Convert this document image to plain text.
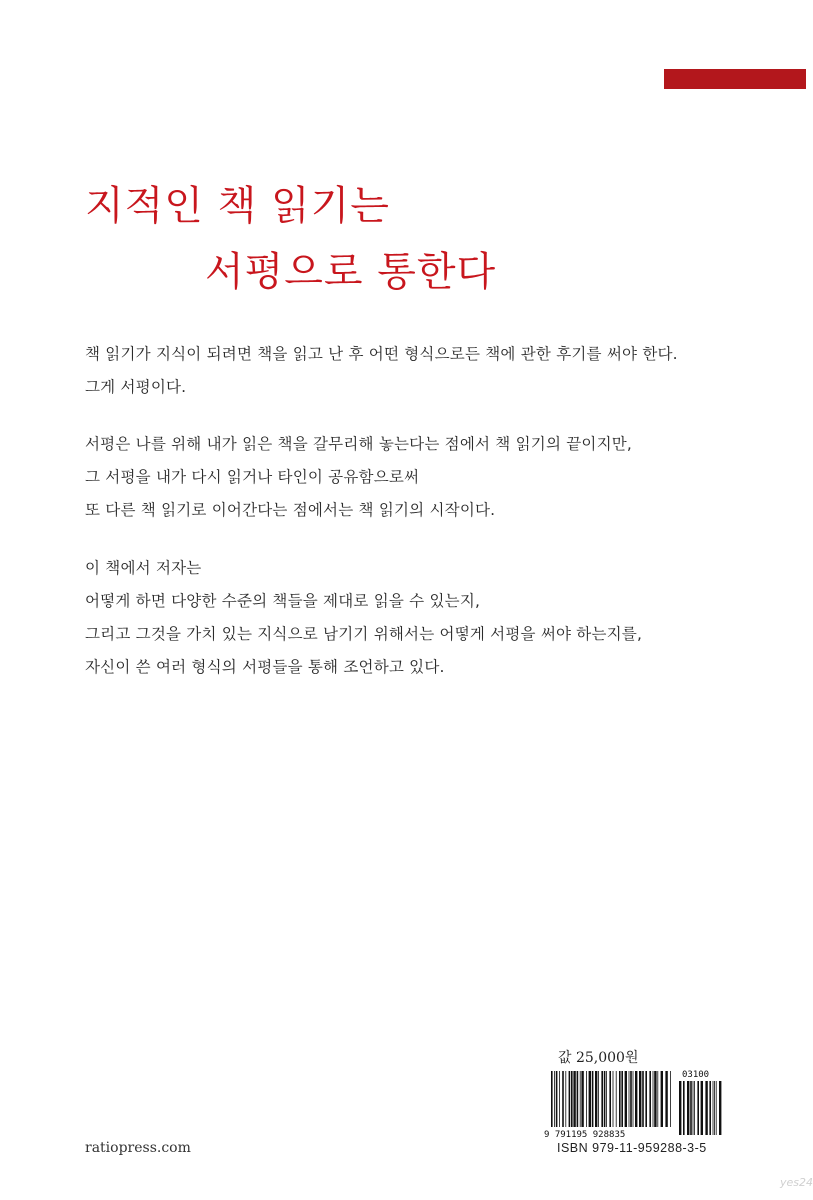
지적인 책 읽기는
서평으로 통한다
책 읽기가 지식이 되려면 책을 읽고 난 후 어떤 형식으로든 책에 관한 후기를 써야 한다.
그게 서평이다.
서평은 나를 위해 내가 읽은 책을 갈무리해 놓는다는 점에서 책 읽기의 끝이지만,
그 서평을 내가 다시 읽거나 타인이 공유함으로써
또 다른 책 읽기로 이어간다는 점에서는 책 읽기의 시작이다.
이 책에서 저자는
어떻게 하면 다양한 수준의 책들을 제대로 읽을 수 있는지,
그리고 그것을 가치 있는 지식으로 남기기 위해서는 어떻게 서평을 써야 하는지를,
자신이 쓴 여러 형식의 서평들을 통해 조언하고 있다.
값 25,000원
9 791195 928835
03100
ISBN 979-11-959288-3-5
ratiopress.com
yes24
